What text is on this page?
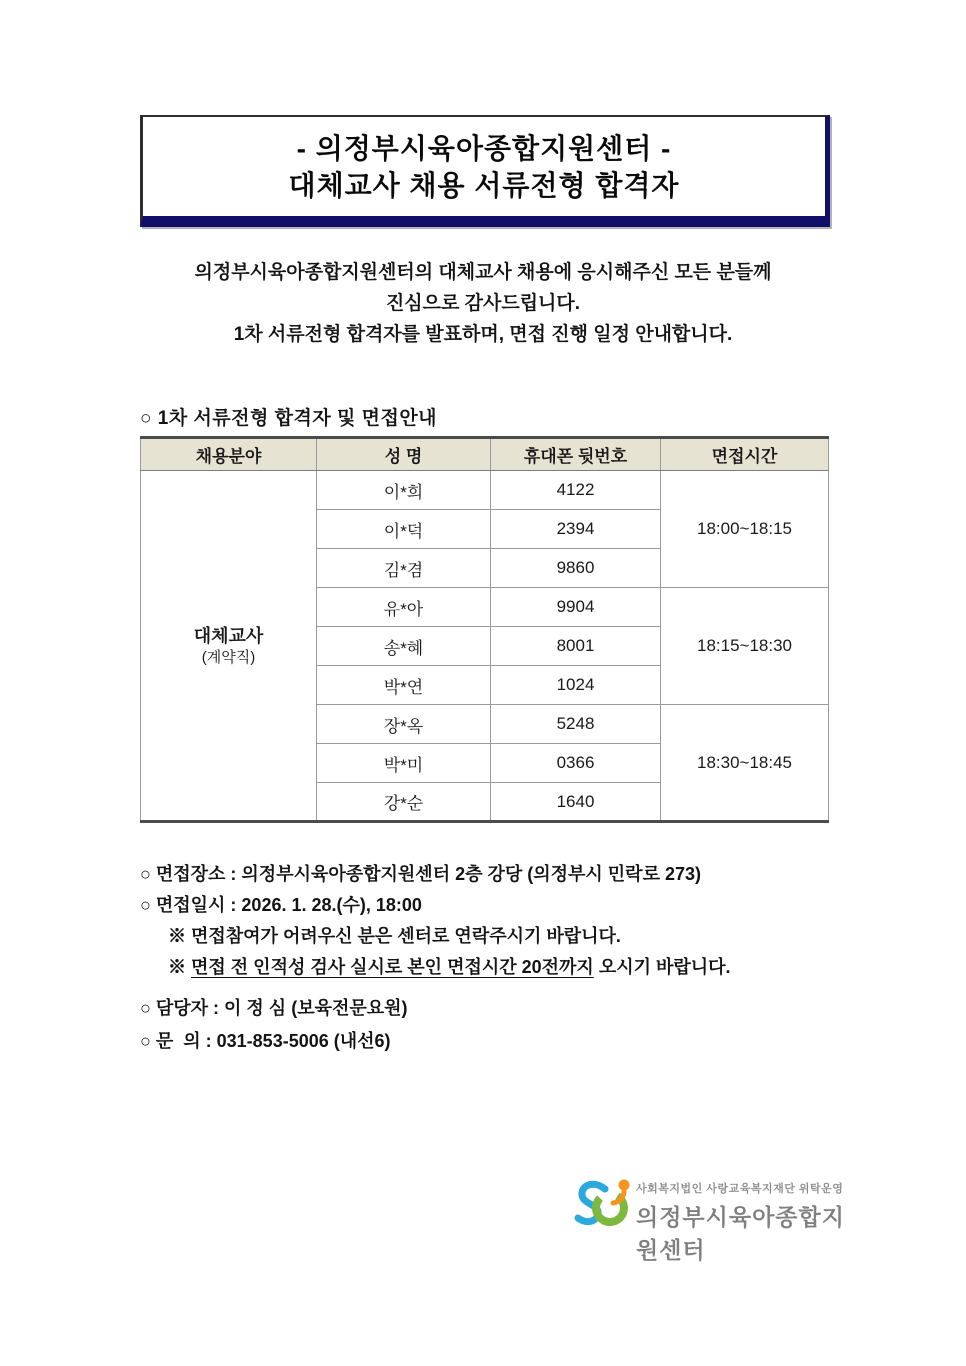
- 의정부시육아종합지원센터 -
대체교사 채용 서류전형 합격자
의정부시육아종합지원센터의 대체교사 채용에 응시해주신 모든 분들께
진심으로 감사드립니다.
1차 서류전형 합격자를 발표하며, 면접 진행 일정 안내합니다.
○ 1차 서류전형 합격자 및 면접안내
채용분야	성 명	휴대폰 뒷번호	면접시간

대체교사
(계약직)	이*희	4122	18:00~18:15
	이*덕	2394	
	김*겸	9860	
	유*아	9904	18:15~18:30
	송*혜	8001	
	박*연	1024	
	장*옥	5248	18:30~18:45
	박*미	0366	
	강*순	1640	
○ 면접장소 : 의정부시육아종합지원센터 2층 강당 (의정부시 민락로 273)
○ 면접일시 : 2026. 1. 28.(수), 18:00
※ 면접참여가 어려우신 분은 센터로 연락주시기 바랍니다.
※ 면접 전 인적성 검사 실시로 본인 면접시간 20전까지 오시기 바랍니다.
○ 담당자 : 이 정 심 (보육전문요원)
○ 문  의 : 031-853-5006 (내선6)
사회복지법인 사랑교육복지재단 위탁운영
의정부시육아종합지원센터
